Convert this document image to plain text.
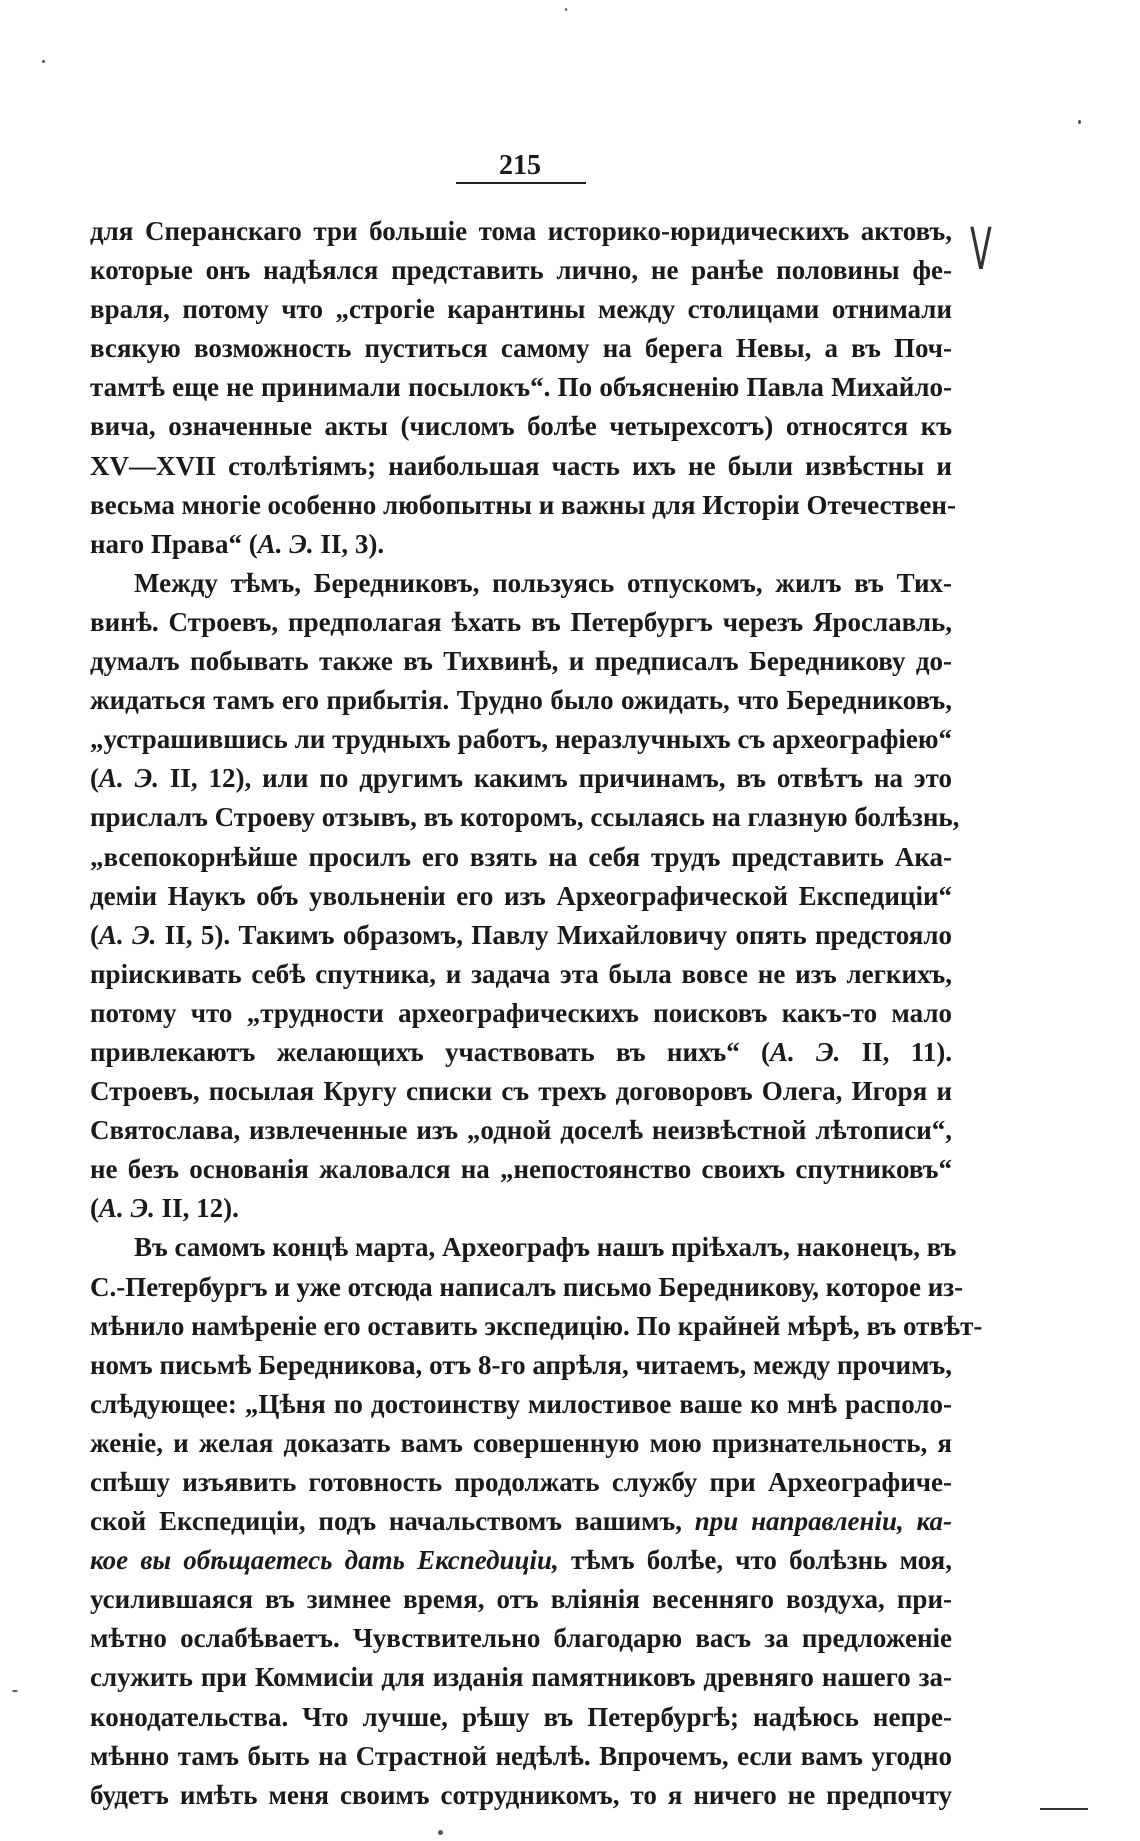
215
V
для Сперанскаго три большіе тома историко-юридическихъ актовъ,
которые онъ надѣялся представить лично, не ранѣе половины фе-
враля, потому что „строгіе карантины между столицами отнимали
всякую возможность пуститься самому на берега Невы, а въ Поч-
тамтѣ еще не принимали посылокъ“. По объясненію Павла Михайло-
вича, означенные акты (числомъ болѣе четырехсотъ) относятся къ
XV—XVII столѣтіямъ; наибольшая часть ихъ не были извѣстны и
весьма многіе особенно любопытны и важны для Исторіи Отечествен-
наго Права“ (А. Э. II, 3).
Между тѣмъ, Бередниковъ, пользуясь отпускомъ, жилъ въ Тих-
винѣ. Строевъ, предполагая ѣхать въ Петербургъ черезъ Ярославль,
думалъ побывать также въ Тихвинѣ, и предписалъ Бередникову до-
жидаться тамъ его прибытія. Трудно было ожидать, что Бередниковъ,
„устрашившись ли трудныхъ работъ, неразлучныхъ съ археографіею“
(А. Э. II, 12), или по другимъ какимъ причинамъ, въ отвѣтъ на это
прислалъ Строеву отзывъ, въ которомъ, ссылаясь на глазную болѣзнь,
„всепокорнѣйше просилъ его взять на себя трудъ представить Ака-
деміи Наукъ объ увольненіи его изъ Археографической Експедиціи“
(А. Э. II, 5). Такимъ образомъ, Павлу Михайловичу опять предстояло
пріискивать себѣ спутника, и задача эта была вовсе не изъ легкихъ,
потому что „трудности археографическихъ поисковъ какъ-то мало
привлекаютъ желающихъ участвовать въ нихъ“ (А. Э. II, 11).
Строевъ, посылая Кругу списки съ трехъ договоровъ Олега, Игоря и
Святослава, извлеченные изъ „одной доселѣ неизвѣстной лѣтописи“,
не безъ основанія жаловался на „непостоянство своихъ спутниковъ“
(А. Э. II, 12).
Въ самомъ концѣ марта, Археографъ нашъ пріѣхалъ, наконецъ, въ
С.-Петербургъ и уже отсюда написалъ письмо Бередникову, которое из-
мѣнило намѣреніе его оставить экспедицію. По крайней мѣрѣ, въ отвѣт-
номъ письмѣ Бередникова, отъ 8-го апрѣля, читаемъ, между прочимъ,
слѣдующее: „Цѣня по достоинству милостивое ваше ко мнѣ располо-
женіе, и желая доказать вамъ совершенную мою признательность, я
спѣшу изъявить готовность продолжать службу при Археографиче-
ской Експедиціи, подъ начальствомъ вашимъ, при направленіи, ка-
кое вы обѣщаетесь дать Експедиціи, тѣмъ болѣе, что болѣзнь моя,
усилившаяся въ зимнее время, отъ вліянія весенняго воздуха, при-
мѣтно ослабѣваетъ. Чувствительно благодарю васъ за предложеніе
служить при Коммисіи для изданія памятниковъ древняго нашего за-
конодательства. Что лучше, рѣшу въ Петербургѣ; надѣюсь непре-
мѣнно тамъ быть на Страстной недѣлѣ. Впрочемъ, если вамъ угодно
будетъ имѣть меня своимъ сотрудникомъ, то я ничего не предпочту
